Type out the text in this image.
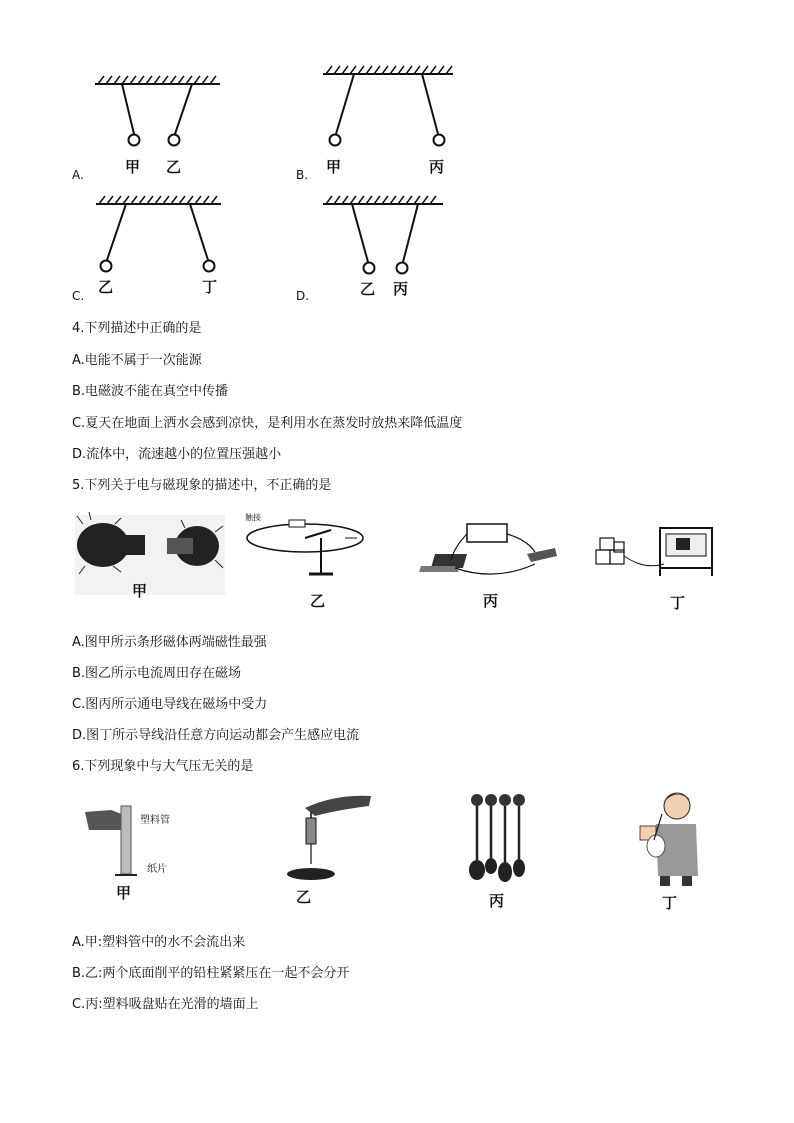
甲 乙
A.	甲	丙
B.
乙	丁
C.	乙 丙
D.
4.下列描述中正确的是
A.电能不属于一次能源
B.电磁波不能在真空中传播
C.夏天在地面上洒水会感到凉快，是利用水在蒸发时放热来降低温度
D.流体中，流速越小的位置压强越小
5.下列关于电与磁现象的描述中，不正确的是
甲
触接
乙	丙	丁
A.图甲所示条形磁体两端磁性最强
B.图乙所示电流周田存在磁场
C.图丙所示通电导线在磁场中受力
D.图丁所示导线沿任意方向运动都会产生感应电流
6.下列现象中与大气压无关的是
塑料管
纸片
甲	乙	丙	丁
A.甲:塑料管中的水不会流出来
B.乙:两个底面削平的铅柱紧紧压在一起不会分开
C.丙:塑料吸盘贴在光滑的墙面上
